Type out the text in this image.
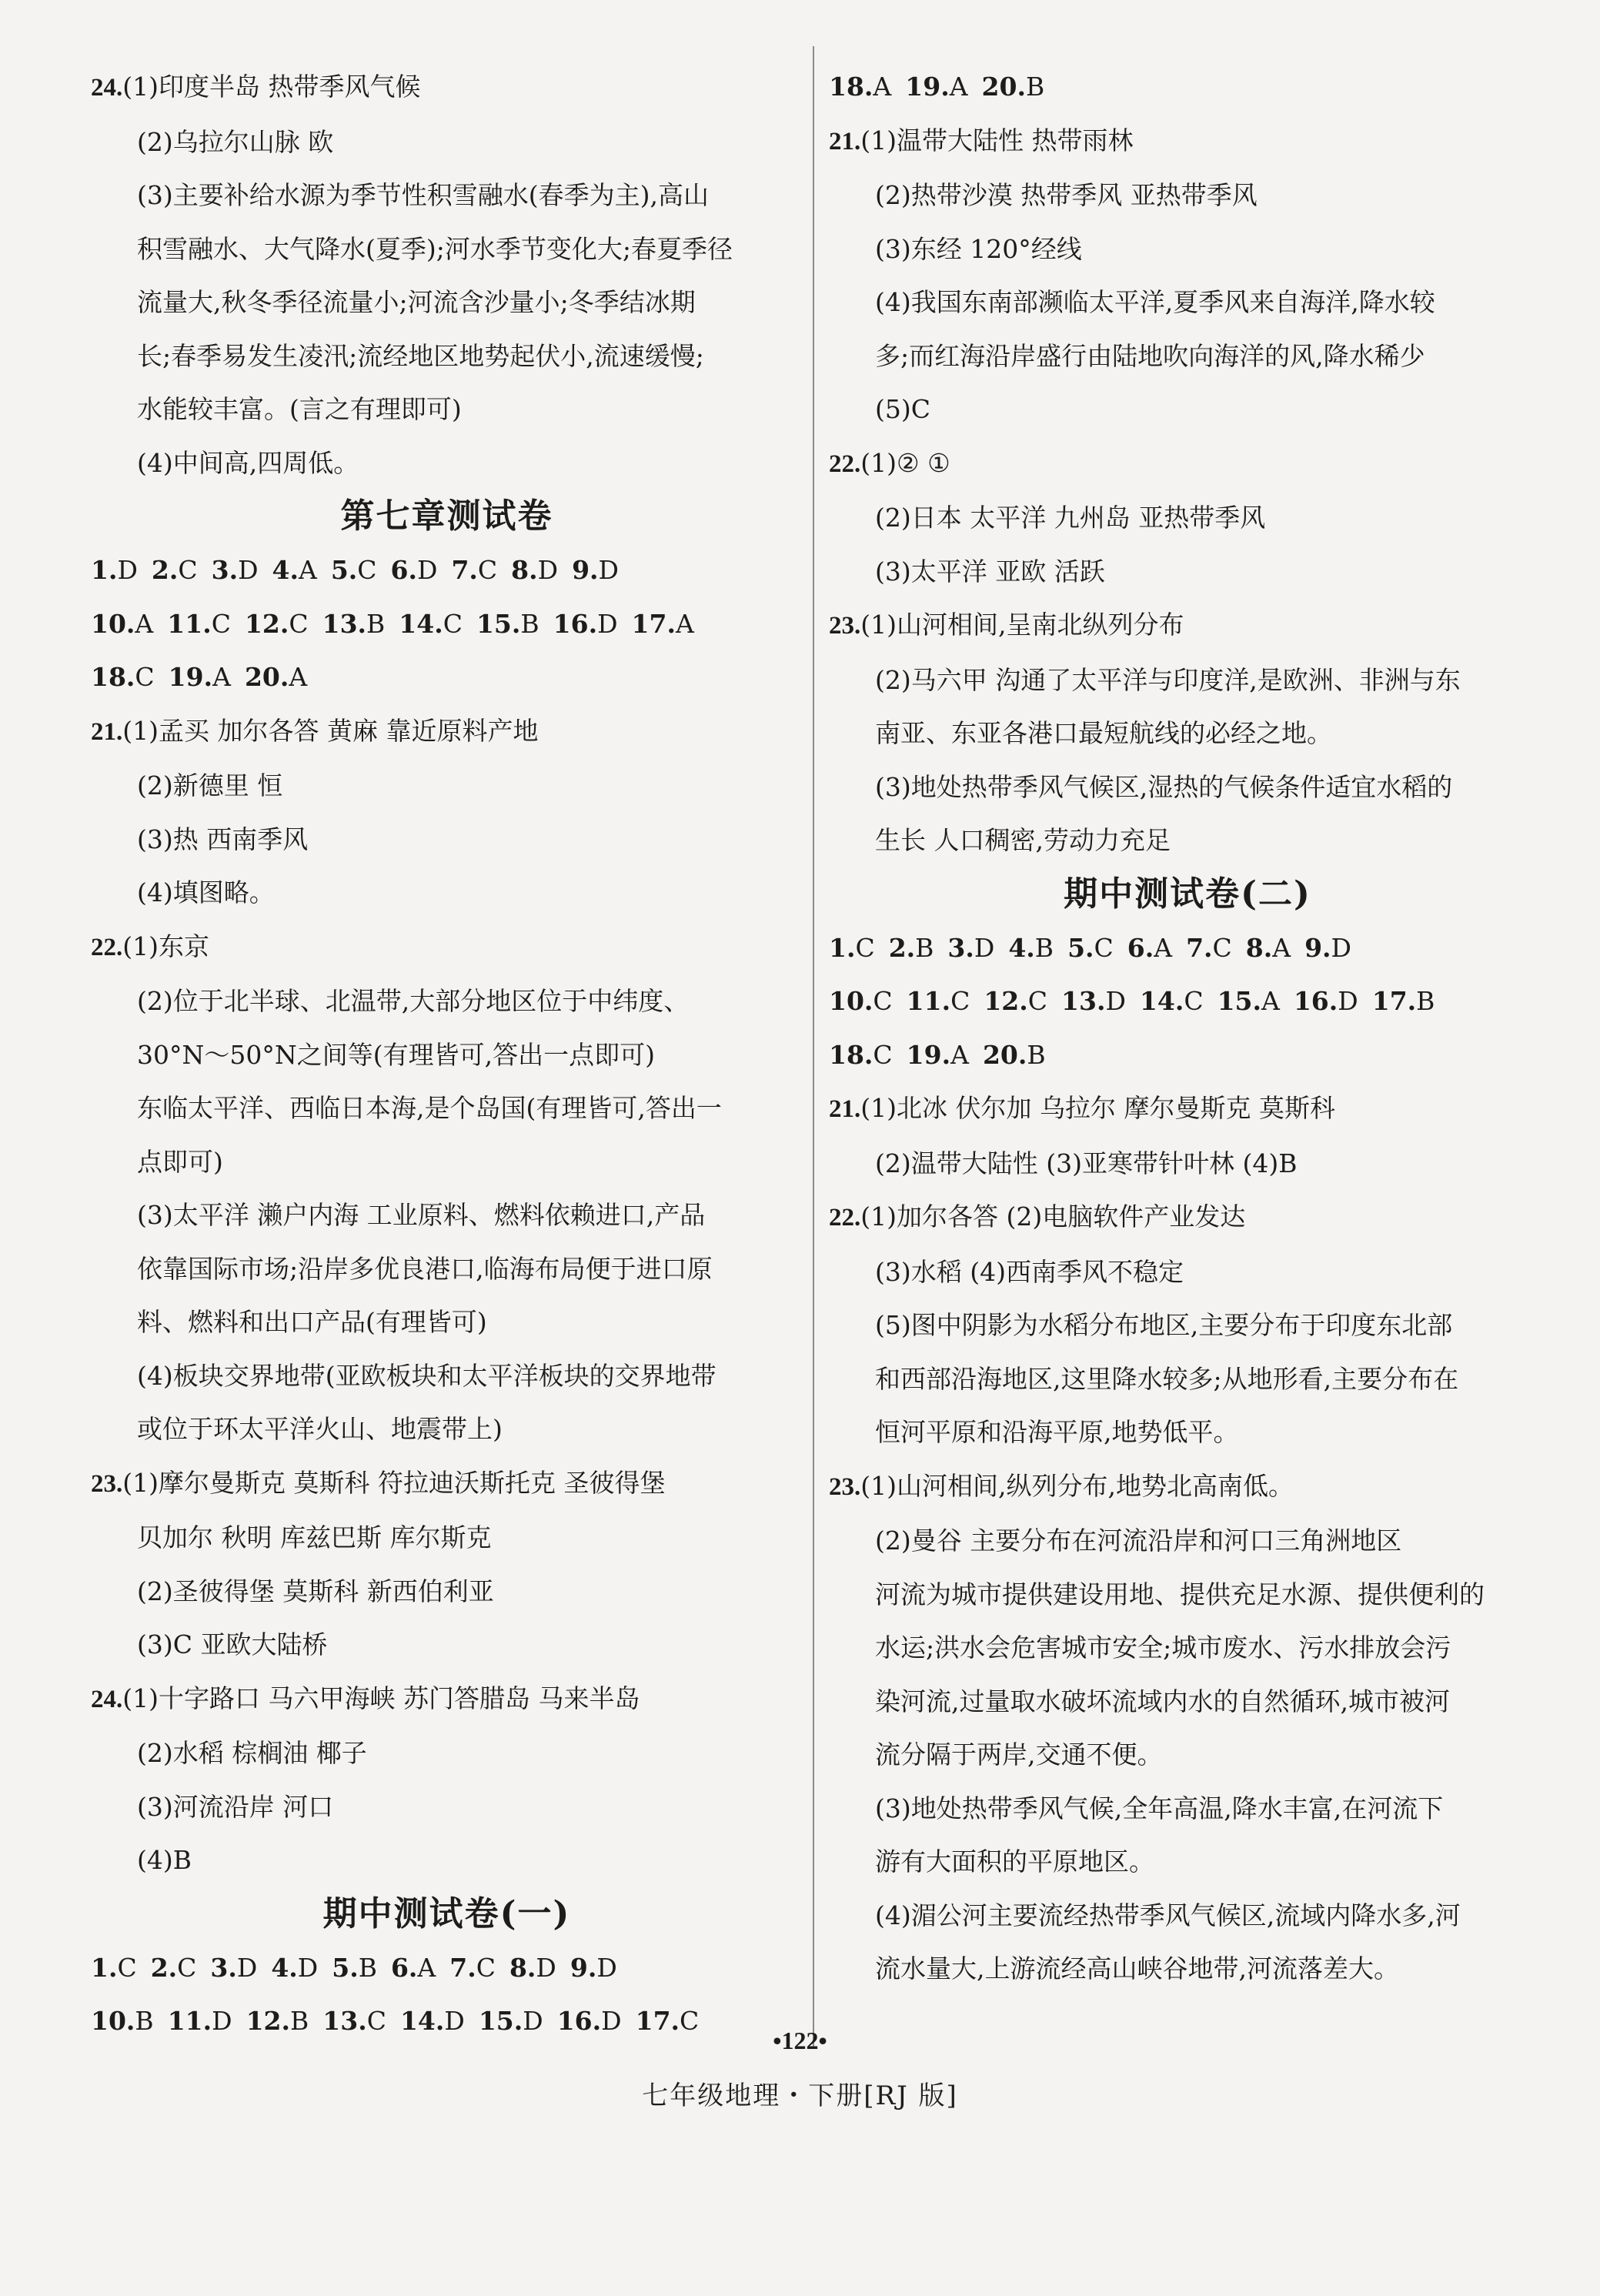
24.(1)印度半岛 热带季风气候
(2)乌拉尔山脉 欧
(3)主要补给水源为季节性积雪融水(春季为主),高山
积雪融水、大气降水(夏季);河水季节变化大;春夏季径
流量大,秋冬季径流量小;河流含沙量小;冬季结冰期
长;春季易发生凌汛;流经地区地势起伏小,流速缓慢;
水能较丰富。(言之有理即可)
(4)中间高,四周低。
第七章测试卷
1.D 2.C 3.D 4.A 5.C 6.D 7.C 8.D 9.D
10.A 11.C 12.C 13.B 14.C 15.B 16.D 17.A
18.C 19.A 20.A
21.(1)孟买 加尔各答 黄麻 靠近原料产地
(2)新德里 恒
(3)热 西南季风
(4)填图略。
22.(1)东京
(2)位于北半球、北温带,大部分地区位于中纬度、
30°N～50°N之间等(有理皆可,答出一点即可)
东临太平洋、西临日本海,是个岛国(有理皆可,答出一
点即可)
(3)太平洋 濑户内海 工业原料、燃料依赖进口,产品
依靠国际市场;沿岸多优良港口,临海布局便于进口原
料、燃料和出口产品(有理皆可)
(4)板块交界地带(亚欧板块和太平洋板块的交界地带
或位于环太平洋火山、地震带上)
23.(1)摩尔曼斯克 莫斯科 符拉迪沃斯托克 圣彼得堡
贝加尔 秋明 库兹巴斯 库尔斯克
(2)圣彼得堡 莫斯科 新西伯利亚
(3)C 亚欧大陆桥
24.(1)十字路口 马六甲海峡 苏门答腊岛 马来半岛
(2)水稻 棕榈油 椰子
(3)河流沿岸 河口
(4)B
期中测试卷(一)
1.C 2.C 3.D 4.D 5.B 6.A 7.C 8.D 9.D
10.B 11.D 12.B 13.C 14.D 15.D 16.D 17.C
18.A 19.A 20.B
21.(1)温带大陆性 热带雨林
(2)热带沙漠 热带季风 亚热带季风
(3)东经 120°经线
(4)我国东南部濒临太平洋,夏季风来自海洋,降水较
多;而红海沿岸盛行由陆地吹向海洋的风,降水稀少
(5)C
22.(1)② ①
(2)日本 太平洋 九州岛 亚热带季风
(3)太平洋 亚欧 活跃
23.(1)山河相间,呈南北纵列分布
(2)马六甲 沟通了太平洋与印度洋,是欧洲、非洲与东
南亚、东亚各港口最短航线的必经之地。
(3)地处热带季风气候区,湿热的气候条件适宜水稻的
生长 人口稠密,劳动力充足
期中测试卷(二)
1.C 2.B 3.D 4.B 5.C 6.A 7.C 8.A 9.D
10.C 11.C 12.C 13.D 14.C 15.A 16.D 17.B
18.C 19.A 20.B
21.(1)北冰 伏尔加 乌拉尔 摩尔曼斯克 莫斯科
(2)温带大陆性 (3)亚寒带针叶林 (4)B
22.(1)加尔各答 (2)电脑软件产业发达
(3)水稻 (4)西南季风不稳定
(5)图中阴影为水稻分布地区,主要分布于印度东北部
和西部沿海地区,这里降水较多;从地形看,主要分布在
恒河平原和沿海平原,地势低平。
23.(1)山河相间,纵列分布,地势北高南低。
(2)曼谷 主要分布在河流沿岸和河口三角洲地区
河流为城市提供建设用地、提供充足水源、提供便利的
水运;洪水会危害城市安全;城市废水、污水排放会污
染河流,过量取水破坏流域内水的自然循环,城市被河
流分隔于两岸,交通不便。
(3)地处热带季风气候,全年高温,降水丰富,在河流下
游有大面积的平原地区。
(4)湄公河主要流经热带季风气候区,流域内降水多,河
流水量大,上游流经高山峡谷地带,河流落差大。
•122•
七年级地理・下册[RJ 版]
